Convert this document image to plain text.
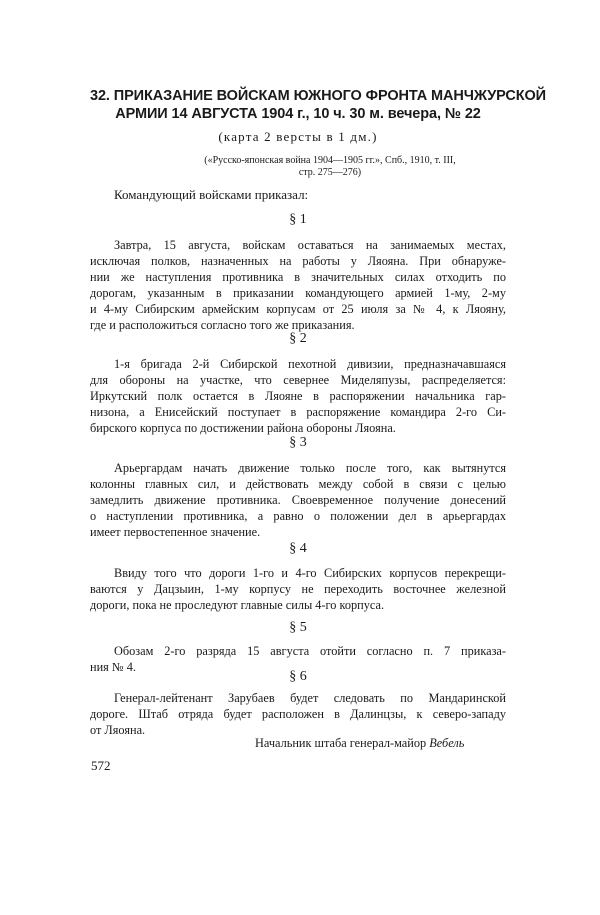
32. ПРИКАЗАНИЕ ВОЙСКАМ ЮЖНОГО ФРОНТА МАНЧЖУРСКОЙ
АРМИИ 14 АВГУСТА 1904 г., 10 ч. 30 м. вечера, № 22
(карта 2 версты в 1 дм.)
(«Русско-японская война 1904—1905 гг.», Спб., 1910, т. III,
стр. 275—276)
Командующий войсками приказал:
§ 1
Завтра, 15 августа, войскам оставаться на занимаемых местах,
исключая полков, назначенных на работы у Ляояна. При обнаруже-
нии же наступления противника в значительных силах отходить по
дорогам, указанным в приказании командующего армией 1-му, 2-му
и 4-му Сибирским армейским корпусам от 25 июля за № 4, к Ляояну,
где и расположиться согласно того же приказания.
§ 2
1-я бригада 2-й Сибирской пехотной дивизии, предназначавшаяся
для обороны на участке, что севернее Миделяпузы, распределяется:
Иркутский полк остается в Ляояне в распоряжении начальника гар-
низона, а Енисейский поступает в распоряжение командира 2-го Си-
бирского корпуса по достижении района обороны Ляояна.
§ 3
Арьергардам начать движение только после того, как вытянутся
колонны главных сил, и действовать между собой в связи с целью
замедлить движение противника. Своевременное получение донесений
о наступлении противника, а равно о положении дел в арьергардах
имеет первостепенное значение.
§ 4
Ввиду того что дороги 1-го и 4-го Сибирских корпусов перекрещи-
ваются у Дацзыин, 1-му корпусу не переходить восточнее железной
дороги, пока не проследуют главные силы 4-го корпуса.
§ 5
Обозам 2-го разряда 15 августа отойти согласно п. 7 приказа-
ния № 4.
§ 6
Генерал-лейтенант Зарубаев будет следовать по Мандаринской
дороге. Штаб отряда будет расположен в Далинцзы, к северо-западу
от Ляояна.
Начальник штаба генерал-майор Вебель
572
